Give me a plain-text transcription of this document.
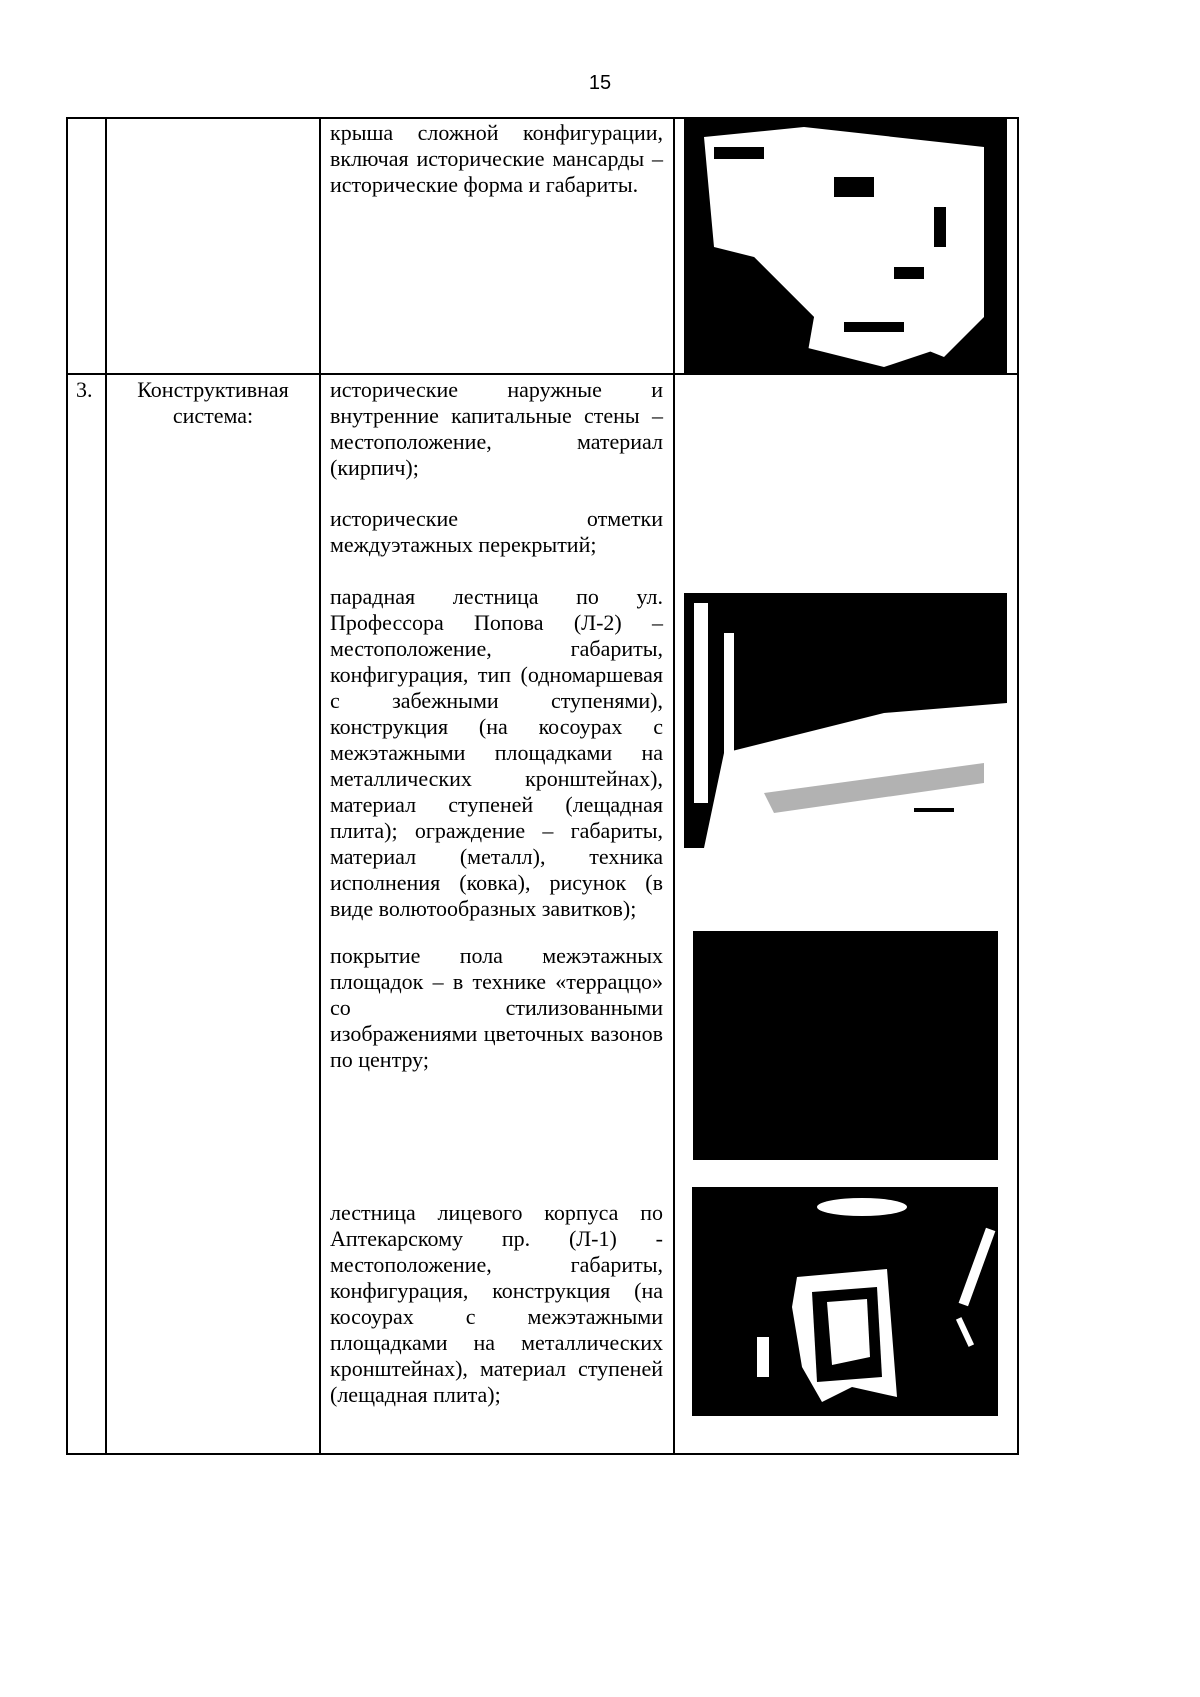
15

крыша сложной конфигурации, включая исторические мансарды – исторические форма и габариты.

3.	Конструктивная система:

исторические наружные и внутренние капитальные стены – местоположение, материал (кирпич);

исторические отметки междуэтажных перекрытий;

парадная лестница по ул. Профессора Попова (Л-2) – местоположение, габариты, конфигурация, тип (одномаршевая с забежными ступенями), конструкция (на косоурах с межэтажными площадками на металлических кронштейнах), материал ступеней (лещадная плита); ограждение – габариты, материал (металл), техника исполнения (ковка), рисунок (в виде волютообразных завитков);

покрытие пола межэтажных площадок – в технике «терраццо» со стилизованными изображениями цветочных вазонов по центру;

лестница лицевого корпуса по Аптекарскому пр. (Л-1) - местоположение, габариты, конфигурация, конструкция (на косоурах с межэтажными площадками на металлических кронштейнах), материал ступеней (лещадная плита);
